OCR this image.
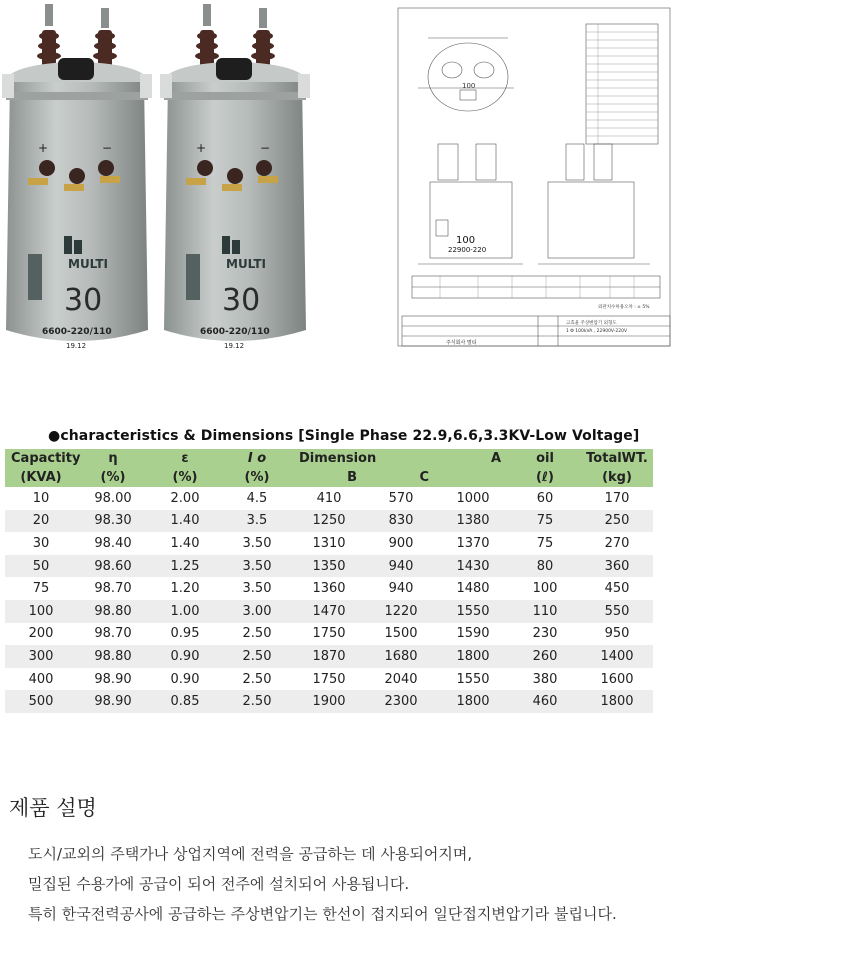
+	−
MULTI
30
6600-220/110
19.12
+	−
MULTI
30
6600-220/110
19.12
100
100
22900-220
외관치수허용오차 : ± 5%
고효율 주상변압기 외형도
1 Φ 100kVA , 22900V-220V
주식회사 멀티
●characteristics & Dimensions [Single Phase 22.9,6.6,3.3KV-Low Voltage]
Capactity	η	ε	I o	Dimension		A	oil	TotalWT.
(KVA)	(%)	(%)	(%)	B	C		(ℓ)	(kg)
10	98.00	2.00	4.5	410	570	1000	60	170
20	98.30	1.40	3.5	1250	830	1380	75	250
30	98.40	1.40	3.50	1310	900	1370	75	270
50	98.60	1.25	3.50	1350	940	1430	80	360
75	98.70	1.20	3.50	1360	940	1480	100	450
100	98.80	1.00	3.00	1470	1220	1550	110	550
200	98.70	0.95	2.50	1750	1500	1590	230	950
300	98.80	0.90	2.50	1870	1680	1800	260	1400
400	98.90	0.90	2.50	1750	2040	1550	380	1600
500	98.90	0.85	2.50	1900	2300	1800	460	1800
제품 설명
도시/교외의 주택가나 상업지역에 전력을 공급하는 데 사용되어지며,
밀집된 수용가에 공급이 되어 전주에 설치되어 사용됩니다.
특히 한국전력공사에 공급하는 주상변압기는 한선이 접지되어 일단접지변압기라 불립니다.
